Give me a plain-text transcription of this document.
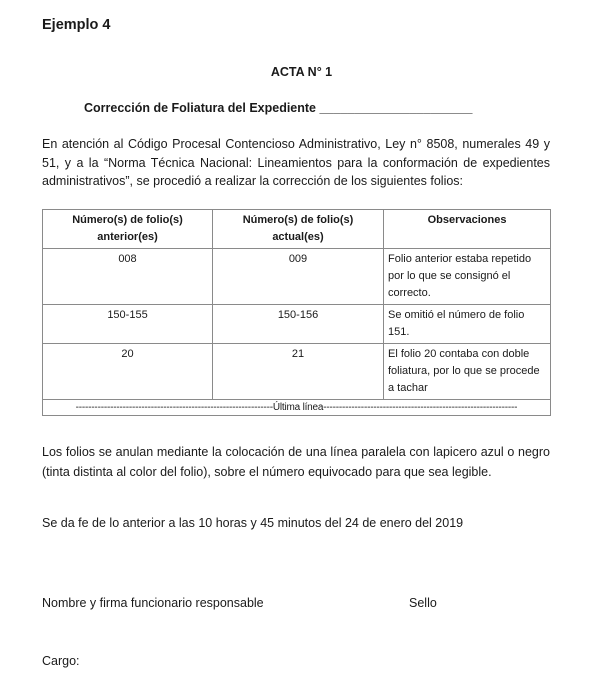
Ejemplo 4
ACTA N° 1
Corrección de Foliatura del Expediente ______________________
En atención al Código Procesal Contencioso Administrativo, Ley n° 8508, numerales 49 y 51, y a la “Norma Técnica Nacional: Lineamientos para la conformación de expedientes administrativos”, se procedió a realizar la corrección de los siguientes folios:
Número(s) de folio(s) anterior(es)	Número(s) de folio(s) actual(es)	Observaciones
008	009	Folio anterior estaba repetido por lo que se consignó el correcto.
150-155	150-156	Se omitió el número de folio 151.
20	21	El folio 20 contaba con doble foliatura, por lo que se procede a tachar
---------------------------------------------------------------Última línea--------------------------------------------------------------		
Los folios se anulan mediante la colocación de una línea paralela con lapicero azul o negro (tinta distinta al color del folio), sobre el número equivocado para que sea legible.
Se da fe de lo anterior a las 10 horas y 45 minutos del 24 de enero del 2019
Nombre y firma funcionario responsable	Sello
Cargo:
